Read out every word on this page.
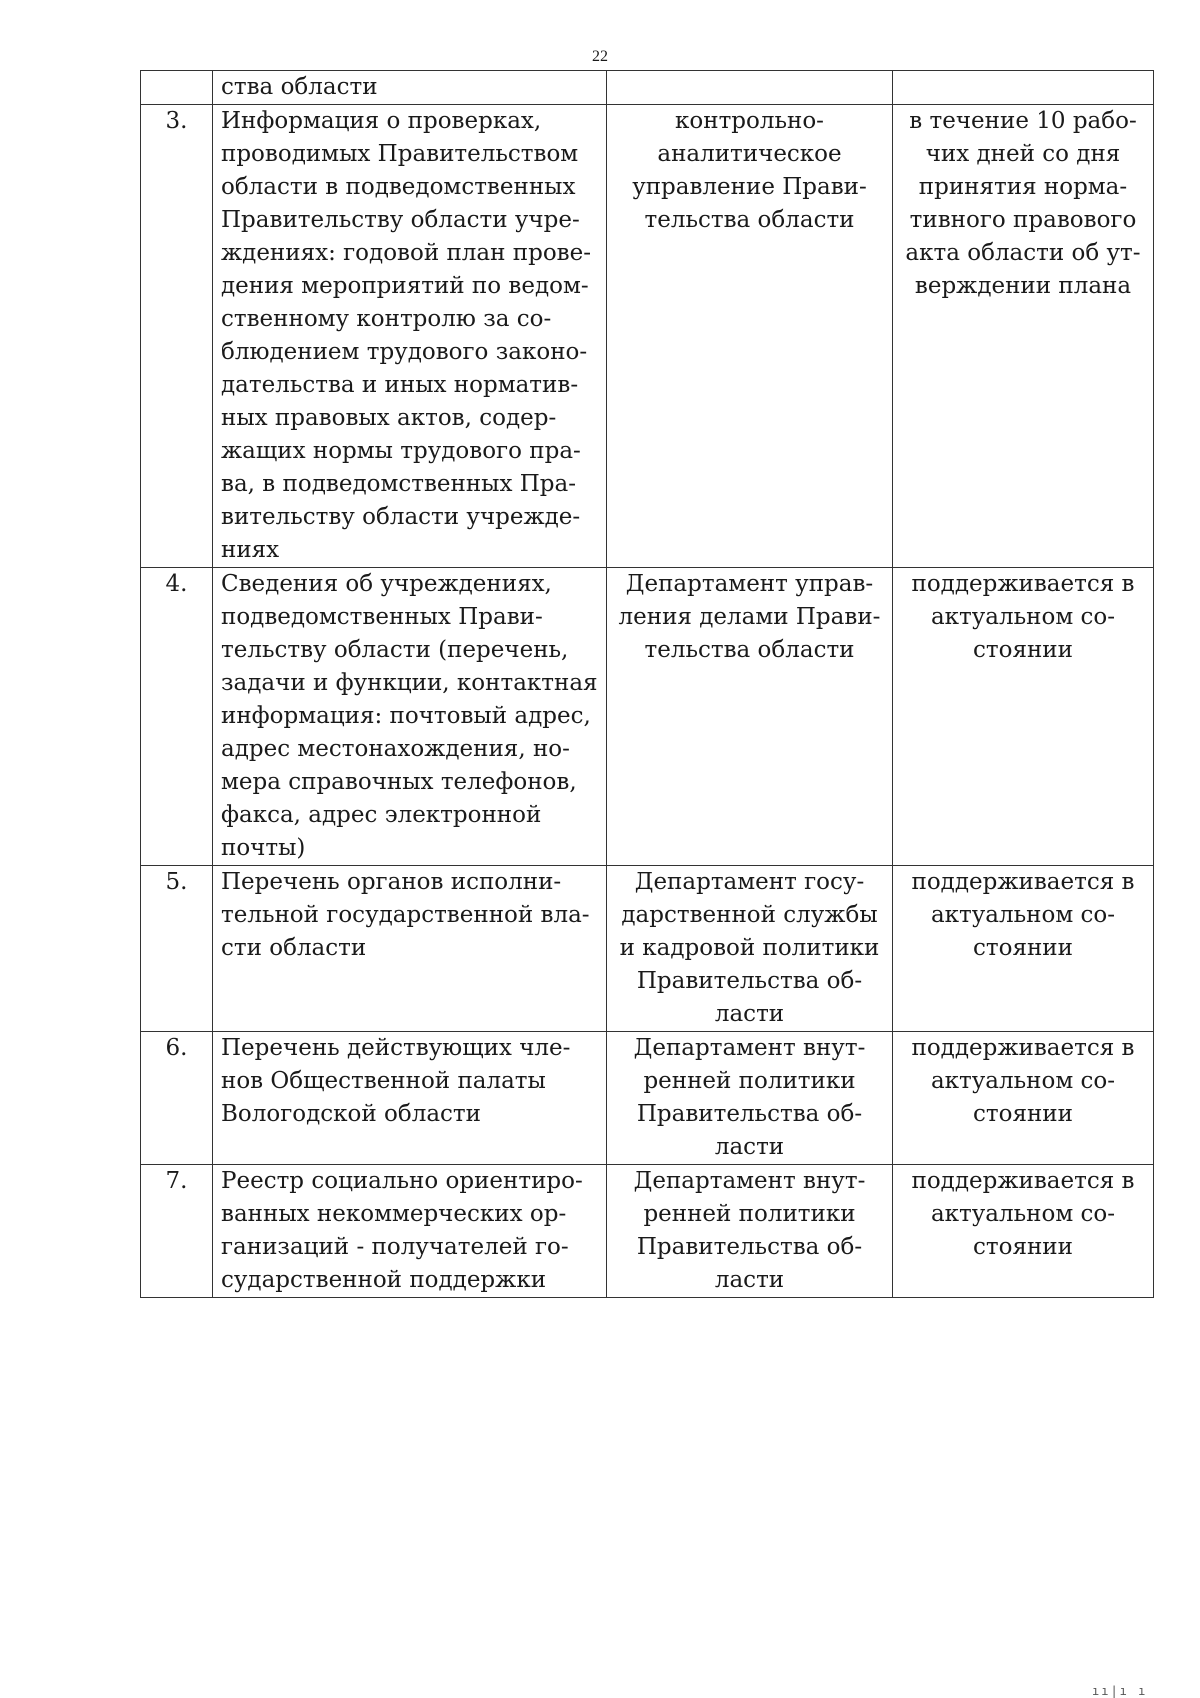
22
	ства области		
3.	Информация о проверках, проводимых Правительством области в подведомственных Правительству области учреждениях: годовой план проведения мероприятий по ведомственному контролю за соблюдением трудового законодательства и иных нормативных правовых актов, содержащих нормы трудового права, в подведомственных Правительству области учреждениях	контрольно-аналитическое управление Правительства области	в течение 10 рабочих дней со дня принятия нормативного правового акта области об утверждении плана
4.	Сведения об учреждениях, подведомственных Правительству области (перечень, задачи и функции, контактная информация: почтовый адрес, адрес местонахождения, номера справочных телефонов, факса, адрес электронной почты)	Департамент управления делами Правительства области	поддерживается в актуальном состоянии
5.	Перечень органов исполнительной государственной власти области	Департамент государственной службы и кадровой политики Правительства области	поддерживается в актуальном состоянии
6.	Перечень действующих членов Общественной палаты Вологодской области	Департамент внутренней политики Правительства области	поддерживается в актуальном состоянии
7.	Реестр социально ориентированных некоммерческих организаций - получателей государственной поддержки	Департамент внутренней политики Правительства области	поддерживается в актуальном состоянии
ıı|ı ı
